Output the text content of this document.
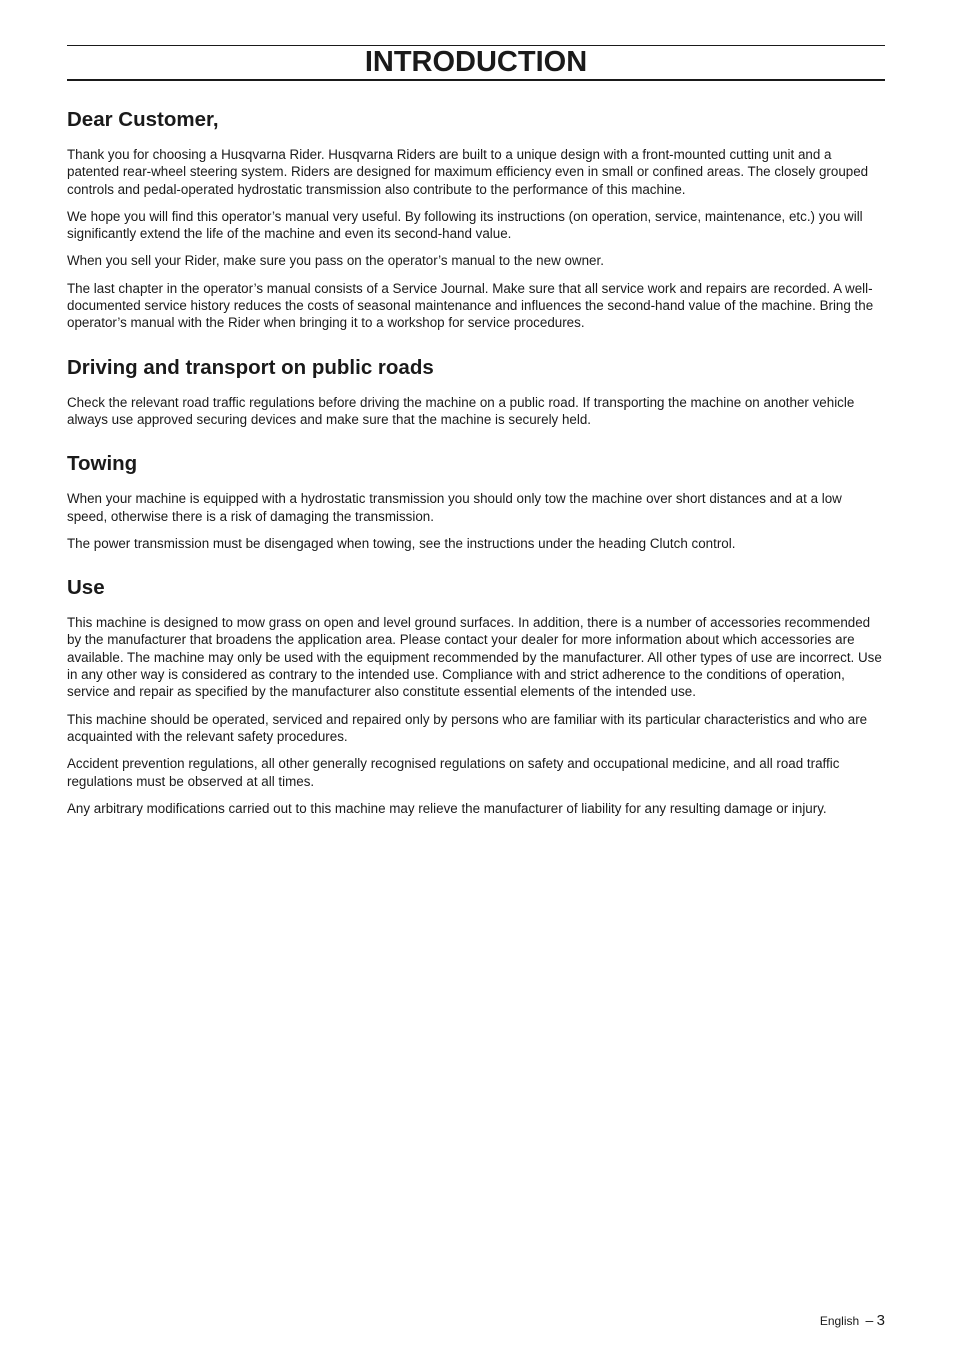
INTRODUCTION
Dear Customer,

Thank you for choosing a Husqvarna Rider. Husqvarna Riders are built to a unique design with a front-mounted cutting unit and a patented rear-wheel steering system. Riders are designed for maximum efficiency even in small or confined areas. The closely grouped controls and pedal-operated hydrostatic transmission also contribute to the performance of this machine.

We hope you will find this operator’s manual very useful. By following its instructions (on operation, service, maintenance, etc.) you will significantly extend the life of the machine and even its second-hand value.

When you sell your Rider, make sure you pass on the operator’s manual to the new owner.

The last chapter in the operator’s manual consists of a Service Journal. Make sure that all service work and repairs are recorded. A well-documented service history reduces the costs of seasonal maintenance and influences the second-hand value of the machine. Bring the operator’s manual with the Rider when bringing it to a workshop for service procedures.

Driving and transport on public roads

Check the relevant road traffic regulations before driving the machine on a public road. If transporting the machine on another vehicle always use approved securing devices and make sure that the machine is securely held.

Towing

When your machine is equipped with a hydrostatic transmission you should only tow the machine over short distances and at a low speed, otherwise there is a risk of damaging the transmission.

The power transmission must be disengaged when towing, see the instructions under the heading Clutch control.

Use

This machine is designed to mow grass on open and level ground surfaces. In addition, there is a number of accessories recommended by the manufacturer that broadens the application area. Please contact your dealer for more information about which accessories are available. The machine may only be used with the equipment recommended by the manufacturer. All other types of use are incorrect. Use in any other way is considered as contrary to the intended use. Compliance with and strict adherence to the conditions of operation, service and repair as specified by the manufacturer also constitute essential elements of the intended use.

This machine should be operated, serviced and repaired only by persons who are familiar with its particular characteristics and who are acquainted with the relevant safety procedures.

Accident prevention regulations, all other generally recognised regulations on safety and occupational medicine, and all road traffic regulations must be observed at all times.

Any arbitrary modifications carried out to this machine may relieve the manufacturer of liability for any resulting damage or injury.

English – 3
